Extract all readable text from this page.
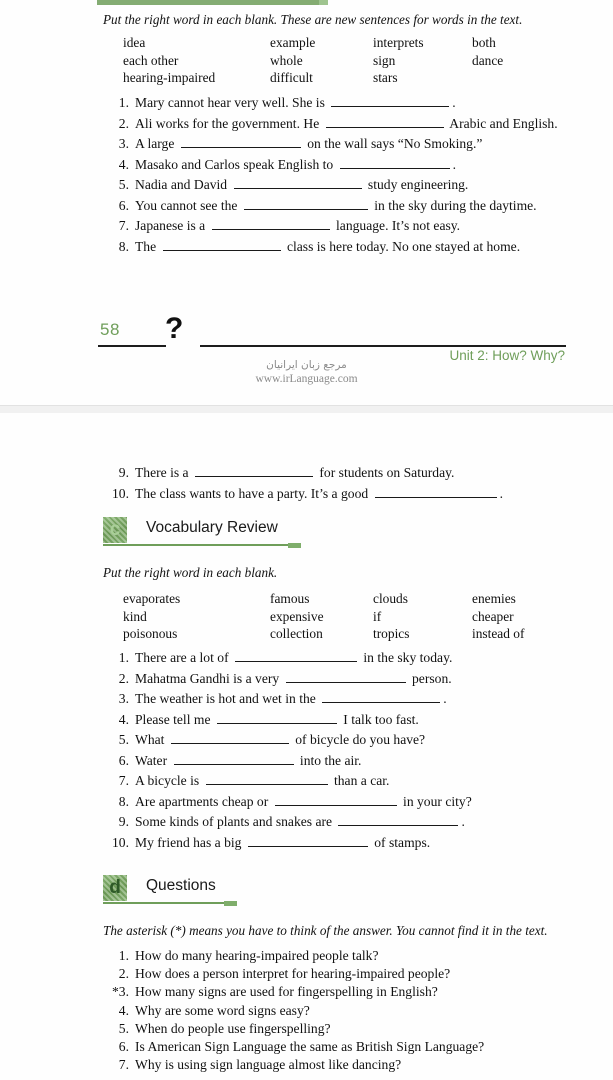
Put the right word in each blank. These are new sentences for words in the text.
idea	example	interprets	both
each other	whole	sign	dance
hearing-impaired	difficult	stars
1. Mary cannot hear very well. She is	.
2. Ali works for the government. He	Arabic and English.
3. A large	on the wall says “No Smoking.”
4. Masako and Carlos speak English to	.
5. Nadia and David	study engineering.
6. You cannot see the	in the sky during the daytime.
7. Japanese is a	language. It’s not easy.
8. The	class is here today. No one stayed at home.
58 ?
Unit 2: How? Why?
مرجع زبان ایرانیان
www.irLanguage.com
9. There is a	for students on Saturday.
10. The class wants to have a party. It’s a good	.
c	Vocabulary Review
Put the right word in each blank.
evaporates	famous	clouds	enemies
kind	expensive	if	cheaper
poisonous	collection	tropics	instead of
1. There are a lot of	in the sky today.
2. Mahatma Gandhi is a very	person.
3. The weather is hot and wet in the	.
4. Please tell me	I talk too fast.
5. What	of bicycle do you have?
6. Water	into the air.
7. A bicycle is	than a car.
8. Are apartments cheap or	in your city?
9. Some kinds of plants and snakes are	.
10. My friend has a big	of stamps.
d	Questions
The asterisk (*) means you have to think of the answer. You cannot find it in the text.
1. How do many hearing-impaired people talk?
2. How does a person interpret for hearing-impaired people?
*3. How many signs are used for fingerspelling in English?
4. Why are some word signs easy?
5. When do people use fingerspelling?
6. Is American Sign Language the same as British Sign Language?
7. Why is using sign language almost like dancing?
